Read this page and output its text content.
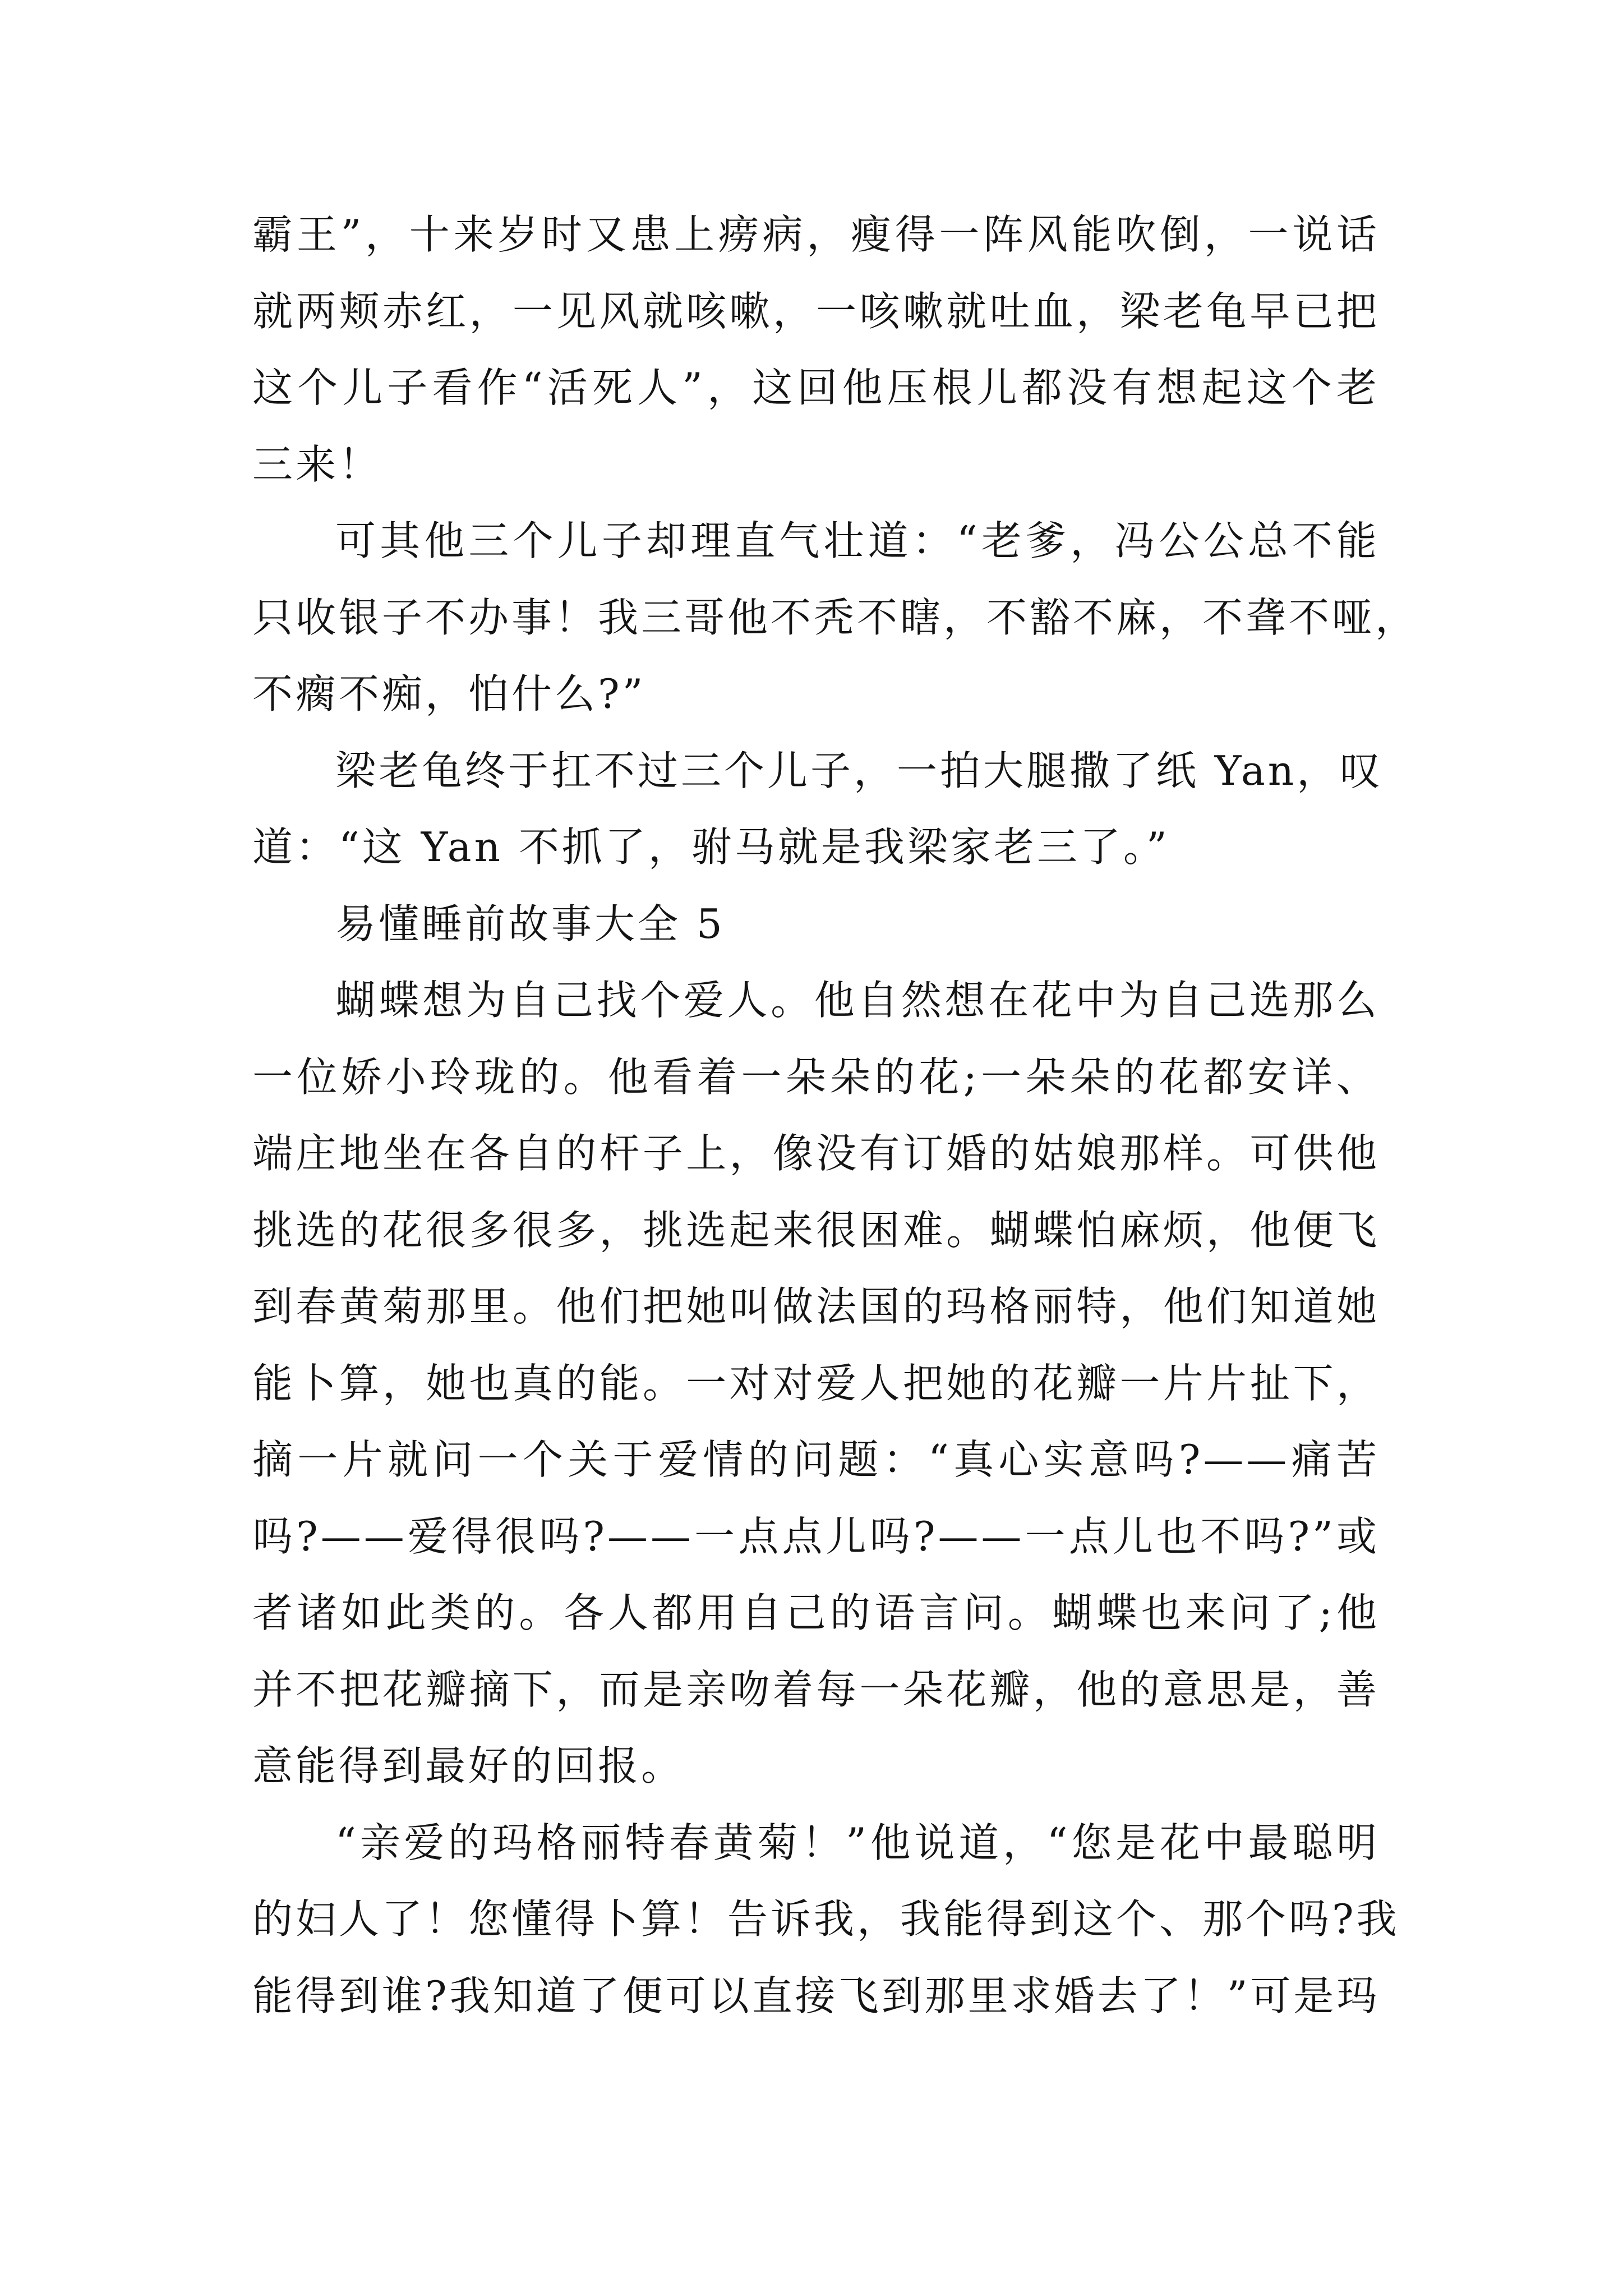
霸王”，十来岁时又患上痨病，瘦得一阵风能吹倒，一说话
就两颊赤红，一见风就咳嗽，一咳嗽就吐血，梁老龟早已把
这个儿子看作“活死人”，这回他压根儿都没有想起这个老
三来！
可其他三个儿子却理直气壮道：“老爹，冯公公总不能
只收银子不办事！我三哥他不秃不瞎，不豁不麻，不聋不哑，
不瘸不痴，怕什么?”
梁老龟终于扛不过三个儿子，一拍大腿撒了纸 Yan，叹
道：“这 Yan 不抓了，驸马就是我梁家老三了。”
易懂睡前故事大全 5
蝴蝶想为自己找个爱人。他自然想在花中为自己选那么
一位娇小玲珑的。他看着一朵朵的花;一朵朵的花都安详、
端庄地坐在各自的杆子上，像没有订婚的姑娘那样。可供他
挑选的花很多很多，挑选起来很困难。蝴蝶怕麻烦，他便飞
到春黄菊那里。他们把她叫做法国的玛格丽特，他们知道她
能卜算，她也真的能。一对对爱人把她的花瓣一片片扯下，
摘一片就问一个关于爱情的问题：“真心实意吗?——痛苦
吗?——爱得很吗?——一点点儿吗?——一点儿也不吗?”或
者诸如此类的。各人都用自己的语言问。蝴蝶也来问了;他
并不把花瓣摘下，而是亲吻着每一朵花瓣，他的意思是，善
意能得到最好的回报。
“亲爱的玛格丽特春黄菊！”他说道，“您是花中最聪明
的妇人了！您懂得卜算！告诉我，我能得到这个、那个吗?我
能得到谁?我知道了便可以直接飞到那里求婚去了！”可是玛
